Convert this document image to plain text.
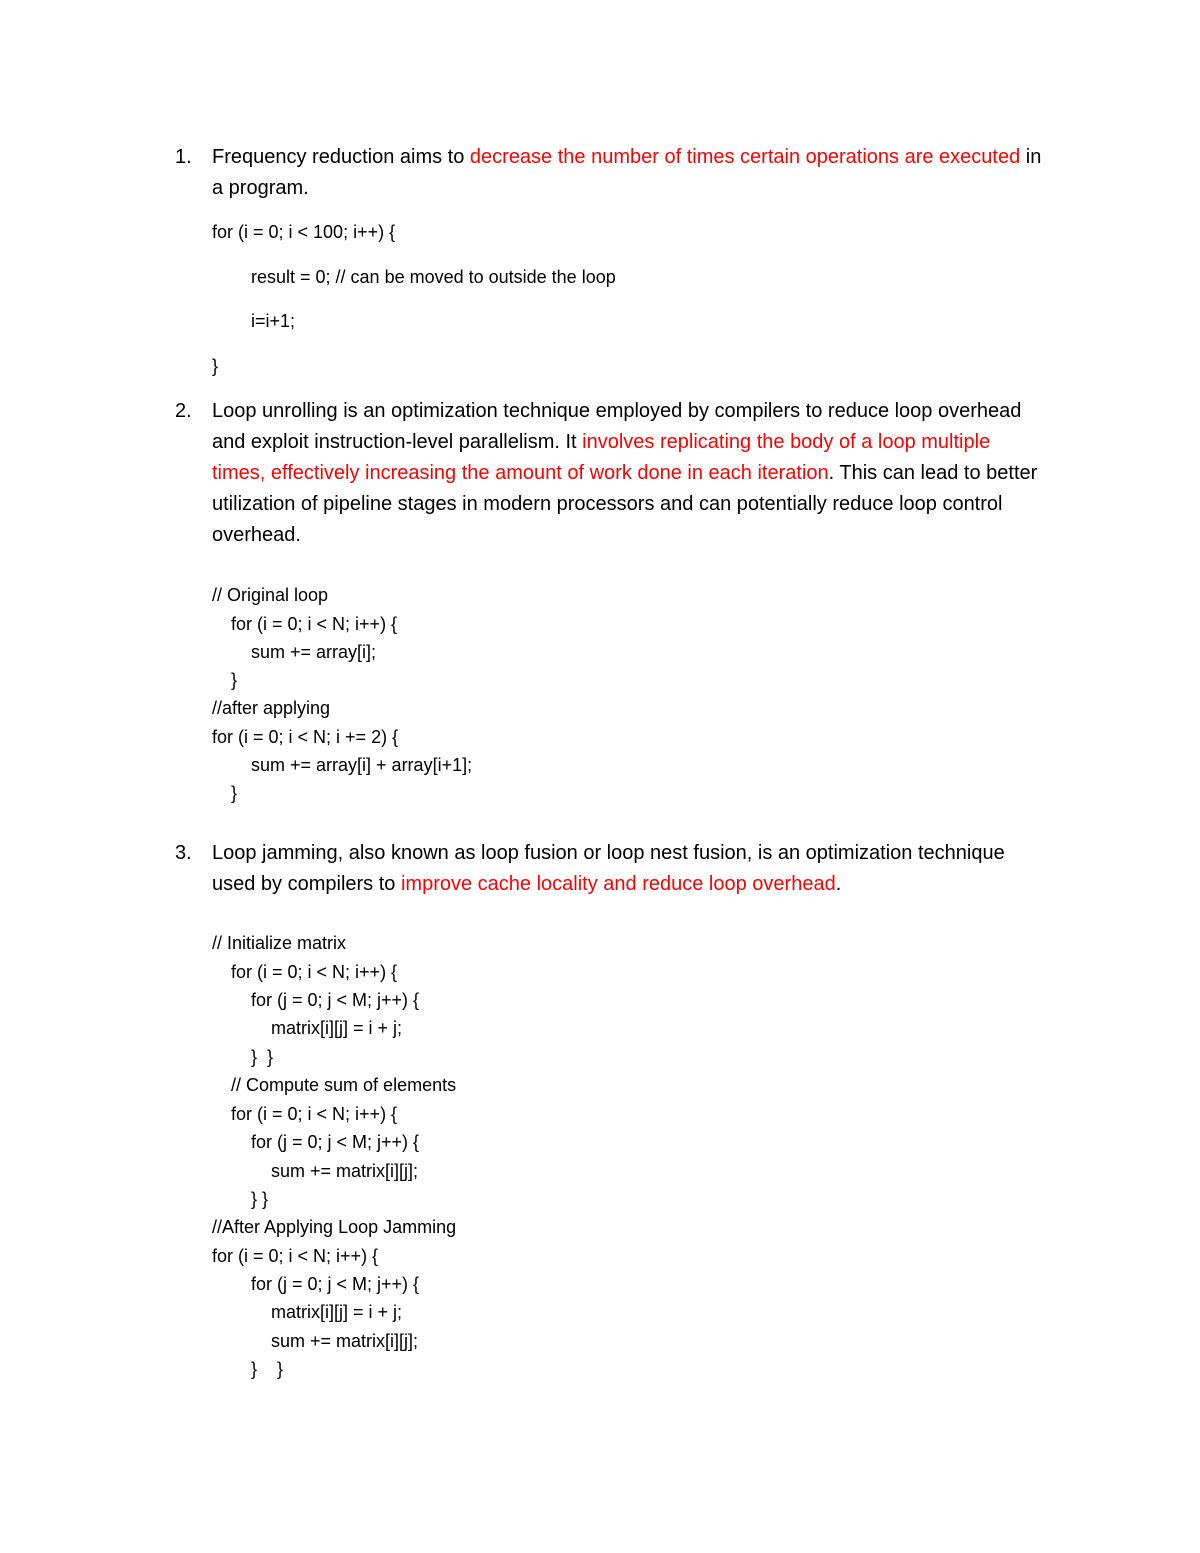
1. Frequency reduction aims to decrease the number of times certain operations are executed in a program.
for (i = 0; i < 100; i++) {
result = 0; // can be moved to outside the loop
i=i+1;
}
2. Loop unrolling is an optimization technique employed by compilers to reduce loop overhead and exploit instruction-level parallelism. It involves replicating the body of a loop multiple times, effectively increasing the amount of work done in each iteration. This can lead to better utilization of pipeline stages in modern processors and can potentially reduce loop control overhead.
// Original loop
for (i = 0; i < N; i++) {
sum += array[i];
}
//after applying
for (i = 0; i < N; i += 2) {
sum += array[i] + array[i+1];
}
3. Loop jamming, also known as loop fusion or loop nest fusion, is an optimization technique used by compilers to improve cache locality and reduce loop overhead.
// Initialize matrix
for (i = 0; i < N; i++) {
for (j = 0; j < M; j++) {
matrix[i][j] = i + j;
}  }
// Compute sum of elements
for (i = 0; i < N; i++) {
for (j = 0; j < M; j++) {
sum += matrix[i][j];
} }
//After Applying Loop Jamming
for (i = 0; i < N; i++) {
for (j = 0; j < M; j++) {
matrix[i][j] = i + j;
sum += matrix[i][j];
}    }
